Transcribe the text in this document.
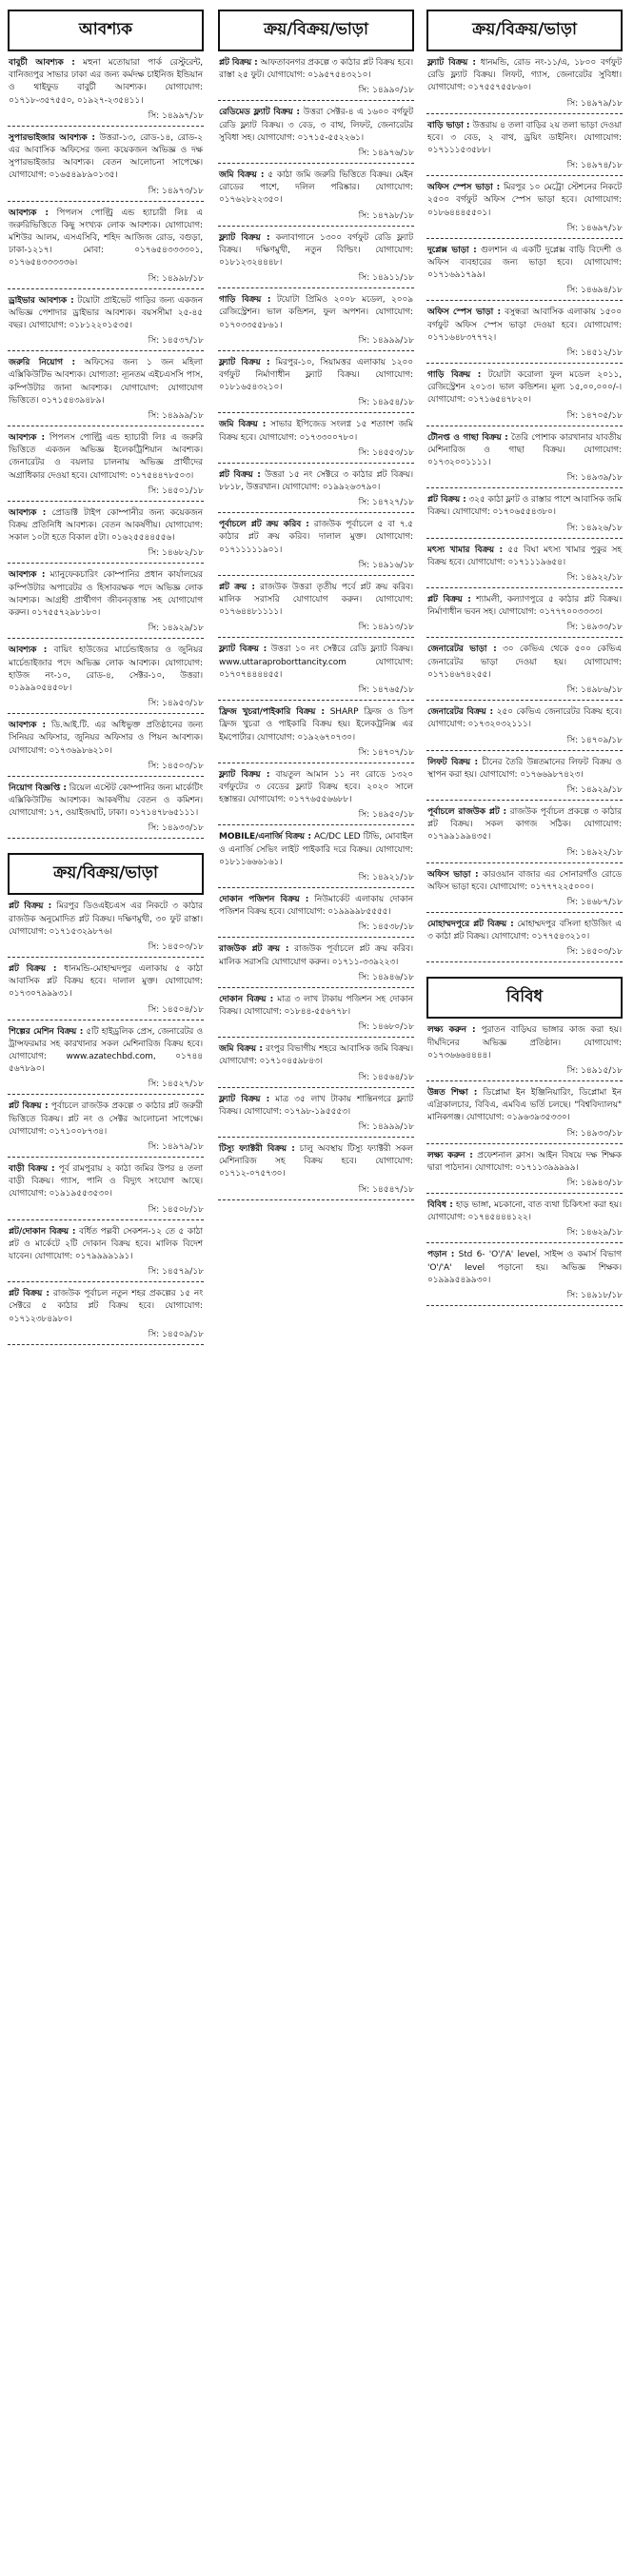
আবশ্যক
বাবুর্চী আবশ্যক : মহুনা মতোয়ারা পার্ক রেস্টুরেন্ট, বানিজ্যপুর সাভার ঢাকা এর জন্য কর্মদক্ষ চাইনিজ ইন্ডিয়ান ও থাইফুড বাবুর্চী আবশ্যক। যোগাযোগ: ০১৭১৮-৩৫৭৫৫০, ০১৯২৭-২৩৫৪১১।
সি: ১৪৯৯৭/১৮
সুপারভাইজার আবশ্যক : উত্তরা-১৩, রোড-১৪, রোড-২ এর আবাসিক অফিসের জন্য কয়েকজন অভিজ্ঞ ও দক্ষ সুপারভাইজার আবশ্যক। বেতন আলোচনা সাপেক্ষে। যোগাযোগ: ০১৬৫৪৯৮৯০১৩৫।
সি: ১৪৯৭৩/১৮
আবশ্যক : পিপলস পোল্ট্রি এন্ড হ্যাচারী লিঃ এ জরুরিভিত্তিতে কিছু সংখ্যক লোক আবশ্যক। যোগাযোগ: মশিউর আলম, এসএসিবি, শহিদ আজিজ রোড, বগুড়া, ঢাকা-১২১৭। মোবা: ০১৭৬৫৪৩৩৩৩০১, ০১৭৬৫৪৩৩৩৩৩৬।
সি: ১৪৯৯৮/১৮
ড্রাইভার আবশ্যক : টয়োটা প্রাইভেট গাড়ির জন্য একজন অভিজ্ঞ পেশাদার ড্রাইভার আবশ্যক। বয়সসীমা ২৫-৪৫ বছর। যোগাযোগ: ০১৮১২২০১৫৩৫।
সি: ১৪৫৩৭/১৮
জরুরি নিয়োগ : অফিসের জন্য ১ জন মহিলা এক্সিকিউটিভ আবশ্যক। যোগ্যতা: ন্যূনতম এইচএসসি পাস, কম্পিউটার জানা আবশ্যক। যোগাযোগ: যোগাযোগ ভিত্তিতে। ০১৭১৫৪৩৯৪৮৯।
সি: ১৪৯৯৯/১৮
আবশ্যক : পিপলস পোল্ট্রি এন্ড হ্যাচারী লিঃ এ জরুরি ভিত্তিতে একজন অভিজ্ঞ ইলেকট্রিশিয়ান আবশ্যক। জেনারেটর ও বয়লার চালনায় অভিজ্ঞ প্রার্থীদের অগ্রাধিকার দেওয়া হবে। যোগাযোগ: ০১৭৫৪৪৭৮৫০৩।
সি: ১৪৫০১/১৮
আবশ্যক : প্রোডাক্ট টাইপ কোম্পানীর জন্য কয়েকজন বিক্রয় প্রতিনিধি আবশ্যক। বেতন আকর্ষণীয়। যোগাযোগ: সকাল ১০টা হতে বিকাল ৫টা। ০১৬২৫৫৪৪৫৫৬।
সি: ১৪৬৮২/১৮
আবশ্যক : ম্যানুফেকচারিং কোম্পানির প্রধান কার্যালয়ের কম্পিউটার অপারেটর ও হিসাবরক্ষক পদে অভিজ্ঞ লোক আবশ্যক। আগ্রহী প্রার্থীগণ জীবনবৃত্তান্ত সহ যোগাযোগ করুন। ০১৭৫৫৭২৯৮১৮০।
সি: ১৪৯২৯/১৮
আবশ্যক : বায়িং হাউজের মার্চেন্ডাইজার ও জুনিয়র মার্চেন্ডাইজার পদে অভিজ্ঞ লোক আবশ্যক। যোগাযোগ: হাউজ নং-১০, রোড-৪, সেক্টর-১০, উত্তরা। ০১৯৯৯০৫৪৫০৮।
সি: ১৪৯৫৩/১৮
আবশ্যক : ডি.আই.টি. এর অধিভুক্ত প্রতিষ্ঠানের জন্য সিনিয়র অফিসার, জুনিয়র অফিসার ও পিয়ন আবশ্যক। যোগাযোগ: ০১৭৩৬৯৮৬২১০।
সি: ১৪৫০৩/১৮
নিয়োগ বিজ্ঞপ্তি : রিয়েল এস্টেট কোম্পানির জন্য মার্কেটিং এক্সিকিউটিভ আবশ্যক। আকর্ষণীয় বেতন ও কমিশন। যোগাযোগ: ১৭, ওয়াইজঘাট, ঢাকা। ০১৭১৪৭৮৬৫১১১।
সি: ১৪৯৩৩/১৮
ক্রয়/বিক্রয়/ভাড়া
প্লট বিক্রয় : মিরপুর ডিওএইচএস এর নিকটে ৩ কাঠার রাজউক অনুমোদিত প্লট বিক্রয়। দক্ষিণমুখী, ৩০ ফুট রাস্তা। যোগাযোগ: ০১৭১৫৩২৯৮৭৬।
সি: ১৪৫০৩/১৮
প্লট বিক্রয় : ধানমন্ডি-মোহাম্মদপুর এলাকায় ৫ কাঠা আবাসিক প্লট বিক্রয় হবে। দালাল মুক্ত। যোগাযোগ: ০১৭৩০৭৯৯৯৩১।
সি: ১৪৫০৪/১৮
শিল্পের মেশিন বিক্রয় : ৫টি হাইড্রলিক প্রেস, জেনারেটর ও ট্রান্সফরমার সহ কারখানার সকল মেশিনারিজ বিক্রয় হবে। যোগাযোগ: www.azatechbd.com, ০১৭৪৪ ৫৬৭৮৯০।
সি: ১৪৫২৭/১৮
প্লট বিক্রয় : পূর্বাচলে রাজউক প্রকল্পে ৩ কাঠার প্লট জরুরী ভিত্তিতে বিক্রয়। প্লট নং ও সেক্টর আলোচনা সাপেক্ষে। যোগাযোগ: ০১৭১০০৮৭৩৪।
সি: ১৪৯৭৯/১৮
বাড়ী বিক্রয় : পূর্ব রামপুরায় ২ কাঠা জমির উপর ৪ তলা বাড়ী বিক্রয়। গ্যাস, পানি ও বিদ্যুৎ সংযোগ আছে। যোগাযোগ: ০১৯১৯৫৫৩৫৩০।
সি: ১৪৫০৮/১৮
প্লট/দোকান বিক্রয় : বর্ধিত পল্লবী সেকশন-১২ তে ৫ কাঠা প্লট ও মার্কেটে ২টি দোকান বিক্রয় হবে। মালিক বিদেশ যাবেন। যোগাযোগ: ০১৭৯৯৯৯১৯১।
সি: ১৪৫৭৯/১৮
প্লট বিক্রয় : রাজউক পূর্বাচল নতুন শহর প্রকল্পের ১৫ নং সেক্টরে ৫ কাঠার প্লট বিক্রয় হবে। যোগাযোগ: ০১৭১২৩৮৪৯৮০।
সি: ১৪৫০৯/১৮
ক্রয়/বিক্রয়/ভাড়া
প্লট বিক্রয় : আফতাবনগর প্রকল্পে ৩ কাঠার প্লট বিক্রয় হবে। রাস্তা ২৫ ফুট। যোগাযোগ: ০১৯৫৭৫৪৩২১০।
সি: ১৪৯৯০/১৮
রেডিমেড ফ্ল্যাট বিক্রয় : উত্তরা সেক্টর-৪ এ ১৬০০ বর্গফুট রেডি ফ্ল্যাট বিক্রয়। ৩ বেড, ৩ বাথ, লিফট, জেনারেটর সুবিধা সহ। যোগাযোগ: ০১৭১৫-৫৫২২৬১।
সি: ১৪৯৭৬/১৮
জমি বিক্রয় : ৫ কাঠা জমি জরুরি ভিত্তিতে বিক্রয়। মেইন রোডের পাশে, দলিল পরিষ্কার। যোগাযোগ: ০১৭৬২৮২২৩৫০।
সি: ১৪৭৯৮/১৮
ফ্ল্যাট বিক্রয় : কলাবাগানে ১৩০০ বর্গফুট রেডি ফ্ল্যাট বিক্রয়। দক্ষিণমুখী, নতুন বিল্ডিং। যোগাযোগ: ০১৮১২৩২৪৪৪৮।
সি: ১৪৯১১/১৮
গাড়ি বিক্রয় : টয়োটা প্রিমিও ২০০৮ মডেল, ২০০৯ রেজিস্ট্রেশন। ভাল কন্ডিশন, ফুল অপশন। যোগাযোগ: ০১৭০৩৩৫৫৮৬১।
সি: ১৪৯৯৯/১৮
ফ্ল্যাট বিক্রয় : মিরপুর-১০, সিয়ামত্তর এলাকায় ১২০০ বর্গফুট নির্মাণাধীন ফ্ল্যাট বিক্রয়। যোগাযোগ: ০১৮১৬৫৪৩২১০।
সি: ১৪৯৫৪/১৮
জমি বিক্রয় : সাভার ইপিজেড সংলগ্ন ১৫ শতাংশ জমি বিক্রয় হবে। যোগাযোগ: ০১৭৩৩০০৭৮০।
সি: ১৪৫৫৩/১৮
প্লট বিক্রয় : উত্তরা ১৫ নং সেক্টরে ৩ কাঠার প্লট বিক্রয়। ৮৮১৮, উত্তরখান। যোগাযোগ: ০১৯৯২৬৩৭৯০।
সি: ১৪৭২৭/১৮
পূর্বাচলে প্লট ক্রয় করিব : রাজউক পূর্বাচলে ৫ বা ৭.৫ কাঠার প্লট ক্রয় করিব। দালাল মুক্ত। যোগাযোগ: ০১৭১১১১১৯০১।
সি: ১৪৯১৬/১৮
প্লট ক্রয় : রাজউক উত্তরা তৃতীয় পর্বে প্লট ক্রয় করিব। মালিক সরাসরি যোগাযোগ করুন। যোগাযোগ: ০১৭৬৪৪৮১১১১।
সি: ১৪৯১৩/১৮
ফ্ল্যাট বিক্রয় : উত্তরা ১০ নং সেক্টরে রেডি ফ্ল্যাট বিক্রয়। www.uttaraproborttancity.com যোগাযোগ: ০১৭০৭৪৪৪৪৫৫।
সি: ১৪৭৬৫/১৮
ফ্রিজ খুচরা/পাইকারি বিক্রয় : SHARP ফ্রিজ ও ডিপ ফ্রিজ খুচরা ও পাইকারি বিক্রয় হয়। ইলেকট্রনিক্স এর ইমপোর্টার। যোগাযোগ: ০১৯২৬৭০৭৩০।
সি: ১৪৭০৭/১৮
ফ্ল্যাট বিক্রয় : বায়তুল আমান ১১ নং রোডে ১৩২০ বর্গফুটের ৩ বেডের ফ্ল্যাট বিক্রয় হবে। ২০২০ সালে হস্তান্তর। যোগাযোগ: ০১৭৭৬৫৫৬৬৮৮।
সি: ১৪৯৫০/১৮
MOBILE/এনার্জি বিক্রয় : AC/DC LED টিভি, মোবাইল ও এনার্জি সেভিং লাইট পাইকারি দরে বিক্রয়। যোগাযোগ: ০১৮১১৬৬৬১৬১।
সি: ১৪৯২১/১৮
দোকান পজিশন বিক্রয় : নিউমার্কেট এলাকায় দোকান পজিশন বিক্রয় হবে। যোগাযোগ: ০১৯৯৯৯৮৫৫৫৫।
সি: ১৪৫৩৮/১৮
রাজউক প্লট ক্রয় : রাজউক পূর্বাচলে প্লট ক্রয় করিব। মালিক সরাসরি যোগাযোগ করুন। ০১৭১১-৩৩৯২২৩।
সি: ১৪৯৪৬/১৮
দোকান বিক্রয় : মাত্র ৩ লাখ টাকায় পজিশন সহ দোকান বিক্রয়। যোগাযোগ: ০১৮৪৪-৫৫৬৭৭৮।
সি: ১৪৬৮০/১৮
জমি বিক্রয় : রংপুর বিভাগীয় শহরে আবাসিক জমি বিক্রয়। যোগাযোগ: ০১৭১০৪৫৯৮৪৩।
সি: ১৪৫৬৪/১৮
ফ্ল্যাট বিক্রয় : মাত্র ৩৫ লাখ টাকায় শান্তিনগরে ফ্ল্যাট বিক্রয়। যোগাযোগ: ০১৭৯৮-১৯৫৫৫৩।
সি: ১৪৯৯৯/১৮
টিস্যু ফ্যাক্টরী বিক্রয় : চালু অবস্থায় টিস্যু ফ্যাক্টরী সকল মেশিনারিজ সহ বিক্রয় হবে। যোগাযোগ: ০১৭১২-০৭৫৭৩০।
সি: ১৪৫৪৭/১৮
ক্রয়/বিক্রয়/ভাড়া
ফ্ল্যাট বিক্রয় : ধানমন্ডি, রোড নং-১১/এ, ১৮০০ বর্গফুট রেডি ফ্ল্যাট বিক্রয়। লিফট, গ্যাস, জেনারেটর সুবিধা। যোগাযোগ: ০১৭৫৫৭৫৫৮৬০।
সি: ১৪৯৭৯/১৮
বাড়ি ভাড়া : উত্তরায় ৪ তলা বাড়ির ২য় তলা ভাড়া দেওয়া হবে। ৩ বেড, ২ বাথ, ড্রয়িং ডাইনিং। যোগাযোগ: ০১৭১১১৫৩৫৮৮।
সি: ১৪৯৭৪/১৮
অফিস স্পেস ভাড়া : মিরপুর ১০ মেট্রো স্টেশনের নিকটে ২৫০০ বর্গফুট অফিস স্পেস ভাড়া হবে। যোগাযোগ: ০১৮৬৪৪৪৫৫০১।
সি: ১৪৬৯৭/১৮
দুপ্লেক্স ভাড়া : গুলশান এ একটি দুপ্লেক্স বাড়ি বিদেশী ও অফিস ব্যবহারের জন্য ভাড়া হবে। যোগাযোগ: ০১৭১৬৯১৭৯৯।
সি: ১৪৬৯৪/১৮
অফিস স্পেস ভাড়া : বসুন্ধরা আবাসিক এলাকায় ১৫০০ বর্গফুট অফিস স্পেস ভাড়া দেওয়া হবে। যোগাযোগ: ০১৭১৬৪৮৩৭৭৭২।
সি: ১৪৫১২/১৮
গাড়ি বিক্রয় : টয়োটা করোলা ফুল মডেল ২০১১, রেজিস্ট্রেশন ২০১৩। ভাল কন্ডিশন। মূল্য ১৫,০০,০০০/-। যোগাযোগ: ০১৭১৬৫৪৭৮২০।
সি: ১৪৭০৫/১৮
টৌনপ্ত ও গাছা বিক্রয় : তৈরি পোশাক কারখানার যাবতীয় মেশিনারিজ ও গাছা বিক্রয়। যোগাযোগ: ০১৭৩২০০১১১১।
সি: ১৪৯৩৯/১৮
প্লট বিক্রয় : ৩২৫ কাঠা ফ্লাট ও রাস্তার পাশে আবাসিক জমি বিক্রয়। যোগাযোগ: ০১৭০৬৫৫৪৩৮০।
সি: ১৪৯২৬/১৮
মৎস্য খামার বিক্রয় : ৫৫ বিঘা মৎস্য খামার পুকুর সহ বিক্রয় হবে। যোগাযোগ: ০১৭১১১৯৬৫৪।
সি: ১৪৯২২/১৮
প্লট বিক্রয় : শ্যামলী, কল্যাণপুরে ৫ কাঠার প্লট বিক্রয়। নির্মাণাধীন ভবন সহ। যোগাযোগ: ০১৭৭৭০০৩৩৩৩।
সি: ১৪৯৩৩/১৮
জেনারেটর ভাড়া : ৩০ কেভিএ থেকে ৫০০ কেভিএ জেনারেটর ভাড়া দেওয়া হয়। যোগাযোগ: ০১৭১৪৬৭৪২৫৫।
সি: ১৪৯৮৬/১৮
জেনারেটর বিক্রয় : ২৫০ কেভিএ জেনারেটর বিক্রয় হবে। যোগাযোগ: ০১৭৩২০৩২১১১।
সি: ১৪৭০৯/১৮
লিফট বিক্রয় : চীনের তৈরি উন্নতমানের লিফট বিক্রয় ও স্থাপন করা হয়। যোগাযোগ: ০১৭৬৬৯৮৭৪২৩।
সি: ১৪৯২৯/১৮
পূর্বাচলে রাজউক প্লট : রাজউক পূর্বাচল প্রকল্পে ৩ কাঠার প্লট বিক্রয়। সকল কাগজ সঠিক। যোগাযোগ: ০১৭৯৯১৯৯৪৩৫।
সি: ১৪৯২২/১৮
অফিস ভাড়া : কারওয়ান বাজার এর সোনারগাঁও রোডে অফিস ভাড়া হবে। যোগাযোগ: ০১৭৭৭২২৫০০০।
সি: ১৪৬৮৭/১৮
মোহাম্মদপুরে প্লট বিক্রয় : মোহাম্মদপুর বসিলা হাউজিং এ ৩ কাঠা প্লট বিক্রয়। যোগাযোগ: ০১৭৭৫৪৩২১০।
সি: ১৪৫০৩/১৮
বিবিধ
লক্ষ্য করুন : পুরাতন বাড়িঘর ভাঙ্গার কাজ করা হয়। দীর্ঘদিনের অভিজ্ঞ প্রতিষ্ঠান। যোগাযোগ: ০১৭৩৬৬৬৪৪৪৪।
সি: ১৪৯১৫/১৮
উন্নত শিক্ষা : ডিপ্লোমা ইন ইঞ্জিনিয়ারিং, ডিপ্লোমা ইন এগ্রিকালচার, বিবিএ, এমবিএ ভর্তি চলছে। "বিশ্ববিদ্যালয়" মানিকগঞ্জ। যোগাযোগ: ০১৯৬৩৯৩৫৩৩০।
সি: ১৪৯৩৩/১৮
লক্ষ্য করুন : প্রফেশনাল ক্লাস। আইন বিষয়ে দক্ষ শিক্ষক দ্বারা পাঠদান। যোগাযোগ: ০১৭১১৩৯৯৯৯৯।
সি: ১৪৯৪৩/১৮
বিবিধ : হাড় ভাঙ্গা, মচকানো, বাত ব্যথা চিকিৎসা করা হয়। যোগাযোগ: ০১৭৪৫৪৪৪১২২।
সি: ১৪৬২৯/১৮
পড়ান : Std 6- 'O'/'A' level, সাইন্স ও কমার্স বিভাগ 'O'/'A' level পড়ানো হয়। অভিজ্ঞ শিক্ষক। ০১৯৯৯৫৪৯৯৩০।
সি: ১৪৯১৮/১৮
